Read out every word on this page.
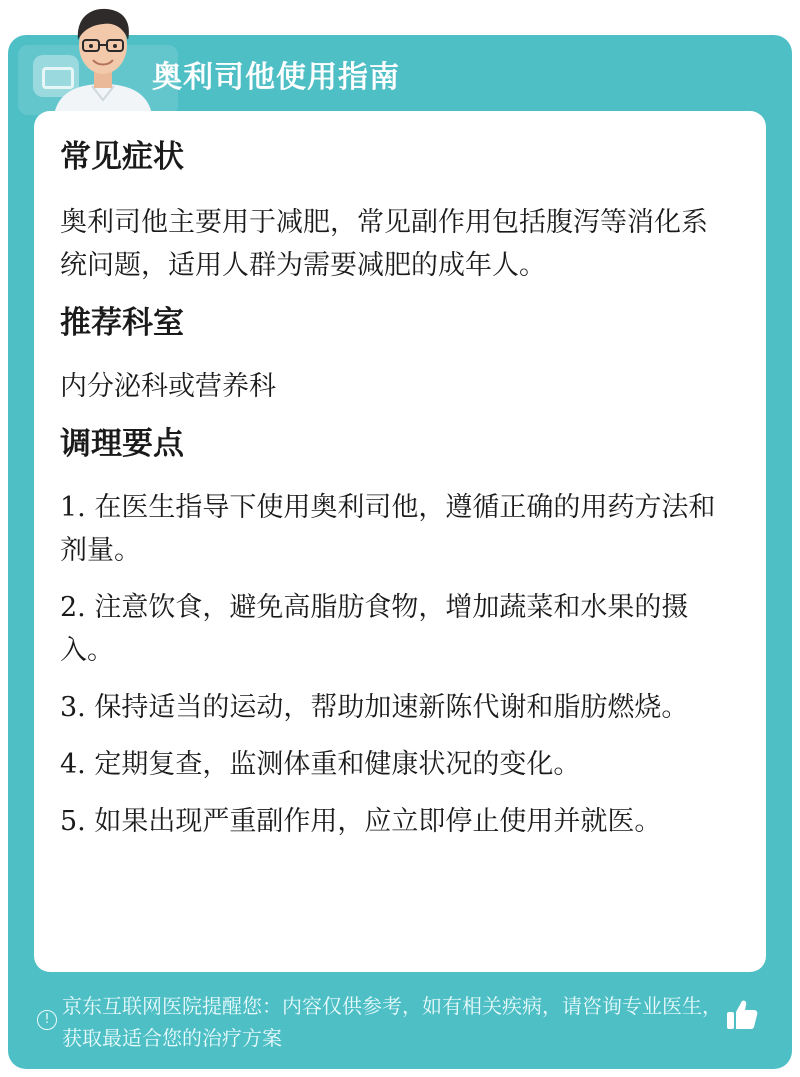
奥利司他使用指南
常见症状

奥利司他主要用于减肥，常见副作用包括腹泻等消化系统问题，适用人群为需要减肥的成年人。

推荐科室

内分泌科或营养科

调理要点

1. 在医生指导下使用奥利司他，遵循正确的用药方法和剂量。

2. 注意饮食，避免高脂肪食物，增加蔬菜和水果的摄入。

3. 保持适当的运动，帮助加速新陈代谢和脂肪燃烧。

4. 定期复查，监测体重和健康状况的变化。

5. 如果出现严重副作用，应立即停止使用并就医。

!
京东互联网医院提醒您：内容仅供参考，如有相关疾病，请咨询专业医生，获取最适合您的治疗方案
